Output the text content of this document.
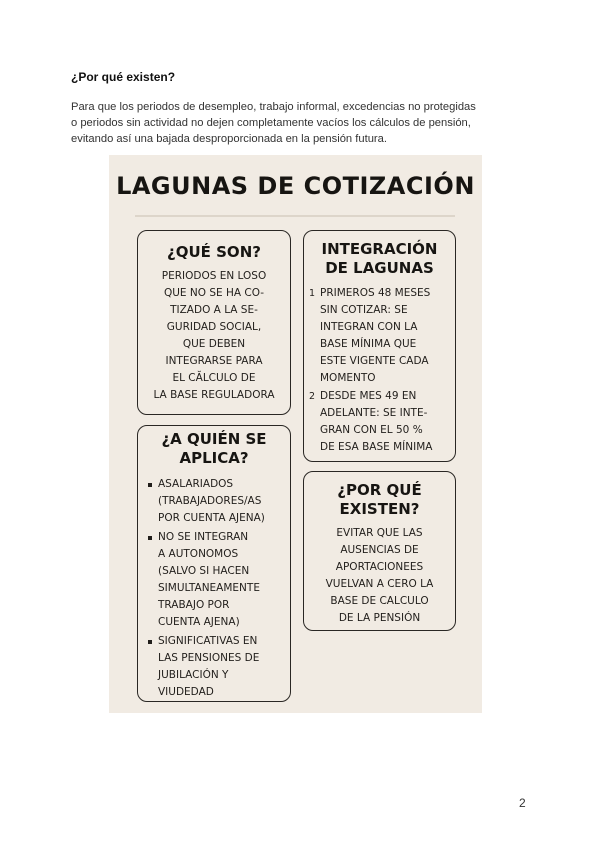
¿Por qué existen?
Para que los periodos de desempleo, trabajo informal, excedencias no protegidas
o periodos sin actividad no dejen completamente vacíos los cálculos de pensión,
evitando así una bajada desproporcionada en la pensión futura.
LAGUNAS DE COTIZACIÓN
¿QUÉ SON?
PERIODOS EN LOSO
QUE NO SE HA CO-
TIZADO A LA SE-
GURIDAD SOCIAL,
QUE DEBEN
INTEGRARSE PARA
EL CĂLCULO DE
LA BASE REGULADORA
¿A QUIÉN SE
APLICA?
ASALARIADOS
(TRABAJADORES/AS
POR CUENTA AJENA)
NO SE INTEGRAN
A AUTONOMOS
(SALVO SI HACEN
SIMULTANEAMENTE
TRABAJO POR
CUENTA AJENA)
SIGNIFICATIVAS EN
LAS PENSIONES DE
JUBILACIÓN Y
VIUDEDAD
INTEGRACIÓN
DE LAGUNAS
1 PRIMEROS 48 MESES
SIN COTIZAR: SE
INTEGRAN CON LA
BASE MÍNIMA QUE
ESTE VIGENTE CADA
MOMENTO
2 DESDE MES 49 EN
ADELANTE: SE INTE-
GRAN CON EL 50 %
DE ESA BASE MÍNIMA
¿POR QUÉ
EXISTEN?
EVITAR QUE LAS
AUSENCIAS DE
APORTACIONEES
VUELVAN A CERO LA
BASE DE CALCULO
DE LA PENSIÓN
2
